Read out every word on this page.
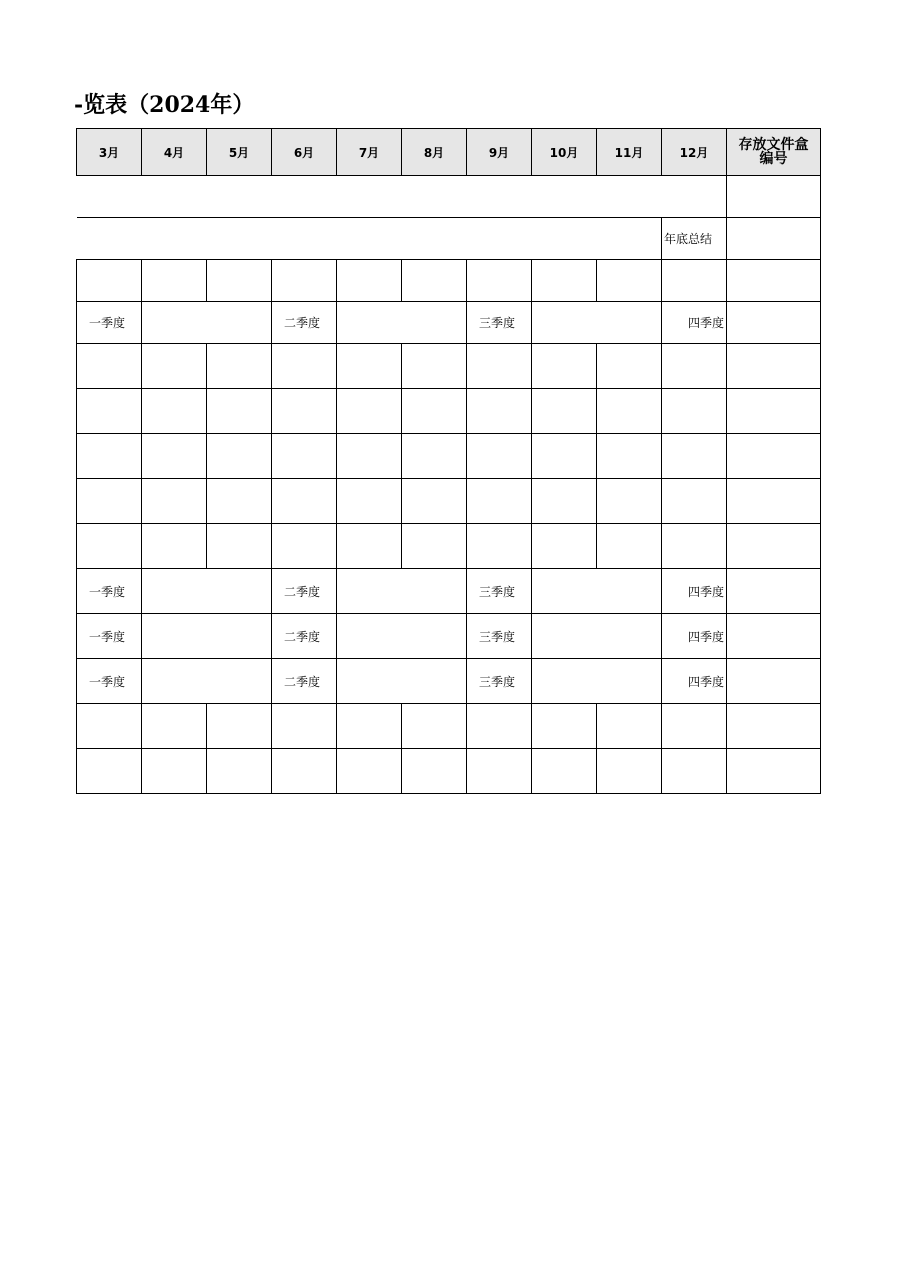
-览表（2024年）
3月	4月	5月	6月	7月	8月	9月	10月	11月	12月	存放文件盒
编号

									年底总结	

一季度			二季度			三季度			四季度	

一季度			二季度			三季度			四季度	
一季度			二季度			三季度			四季度	
一季度			二季度			三季度			四季度	
